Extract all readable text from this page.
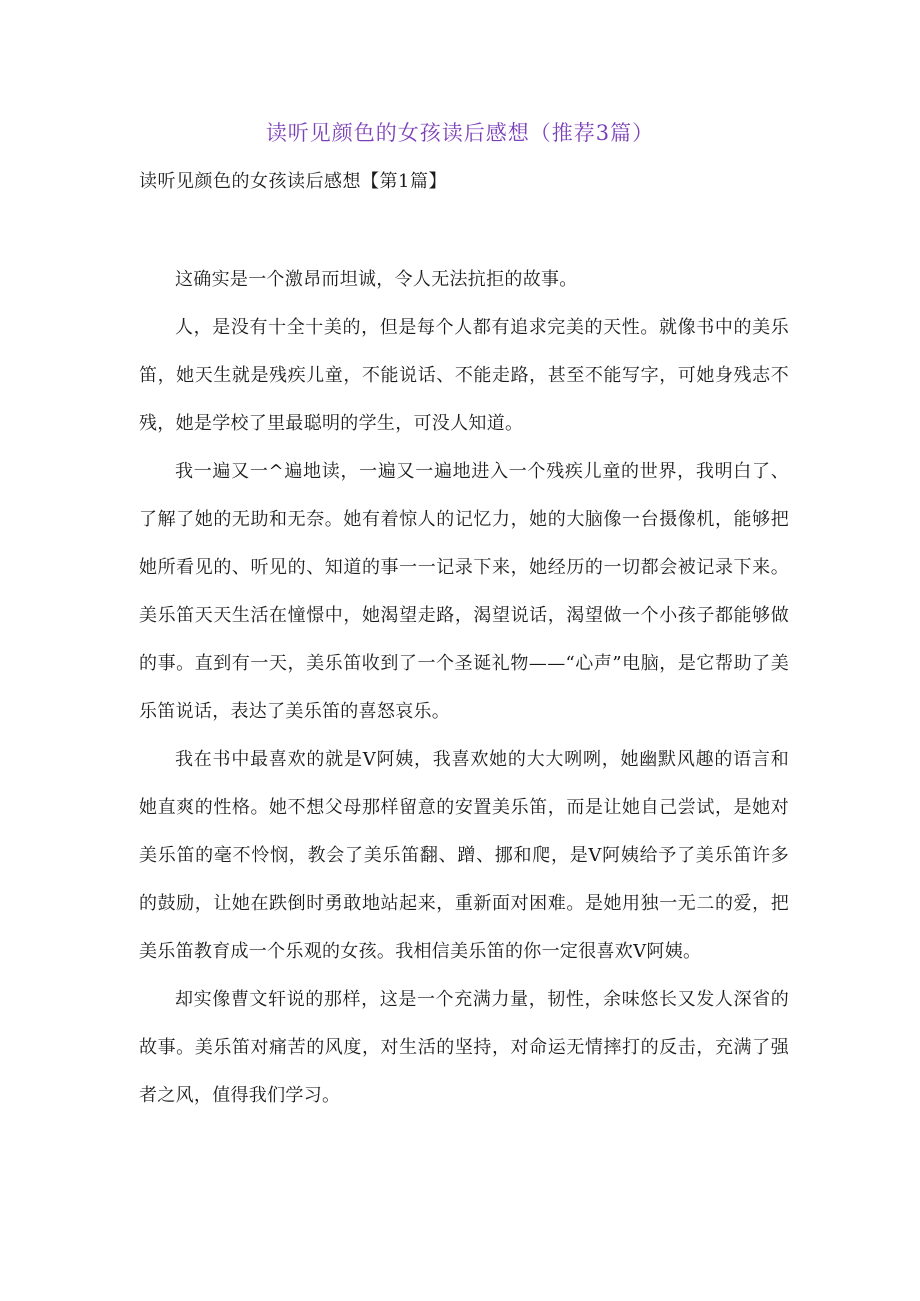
读听见颜色的女孩读后感想（推荐3篇）
读听见颜色的女孩读后感想【第1篇】

这确实是一个激昂而坦诚，令人无法抗拒的故事。

人，是没有十全十美的，但是每个人都有追求完美的天性。就像书中的美乐笛，她天生就是残疾儿童，不能说话、不能走路，甚至不能写字，可她身残志不残，她是学校了里最聪明的学生，可没人知道。

我一遍又一^遍地读，一遍又一遍地进入一个残疾儿童的世界，我明白了、了解了她的无助和无奈。她有着惊人的记忆力，她的大脑像一台摄像机，能够把她所看见的、听见的、知道的事一一记录下来，她经历的一切都会被记录下来。美乐笛天天生活在憧憬中，她渴望走路，渴望说话，渴望做一个小孩子都能够做的事。直到有一天，美乐笛收到了一个圣诞礼物——“心声”电脑，是它帮助了美乐笛说话，表达了美乐笛的喜怒哀乐。

我在书中最喜欢的就是V阿姨，我喜欢她的大大咧咧，她幽默风趣的语言和她直爽的性格。她不想父母那样留意的安置美乐笛，而是让她自己尝试，是她对美乐笛的毫不怜悯，教会了美乐笛翻、蹭、挪和爬，是V阿姨给予了美乐笛许多的鼓励，让她在跌倒时勇敢地站起来，重新面对困难。是她用独一无二的爱，把美乐笛教育成一个乐观的女孩。我相信美乐笛的你一定很喜欢V阿姨。

却实像曹文轩说的那样，这是一个充满力量，韧性，余味悠长又发人深省的故事。美乐笛对痛苦的风度，对生活的坚持，对命运无情摔打的反击，充满了强者之风，值得我们学习。
